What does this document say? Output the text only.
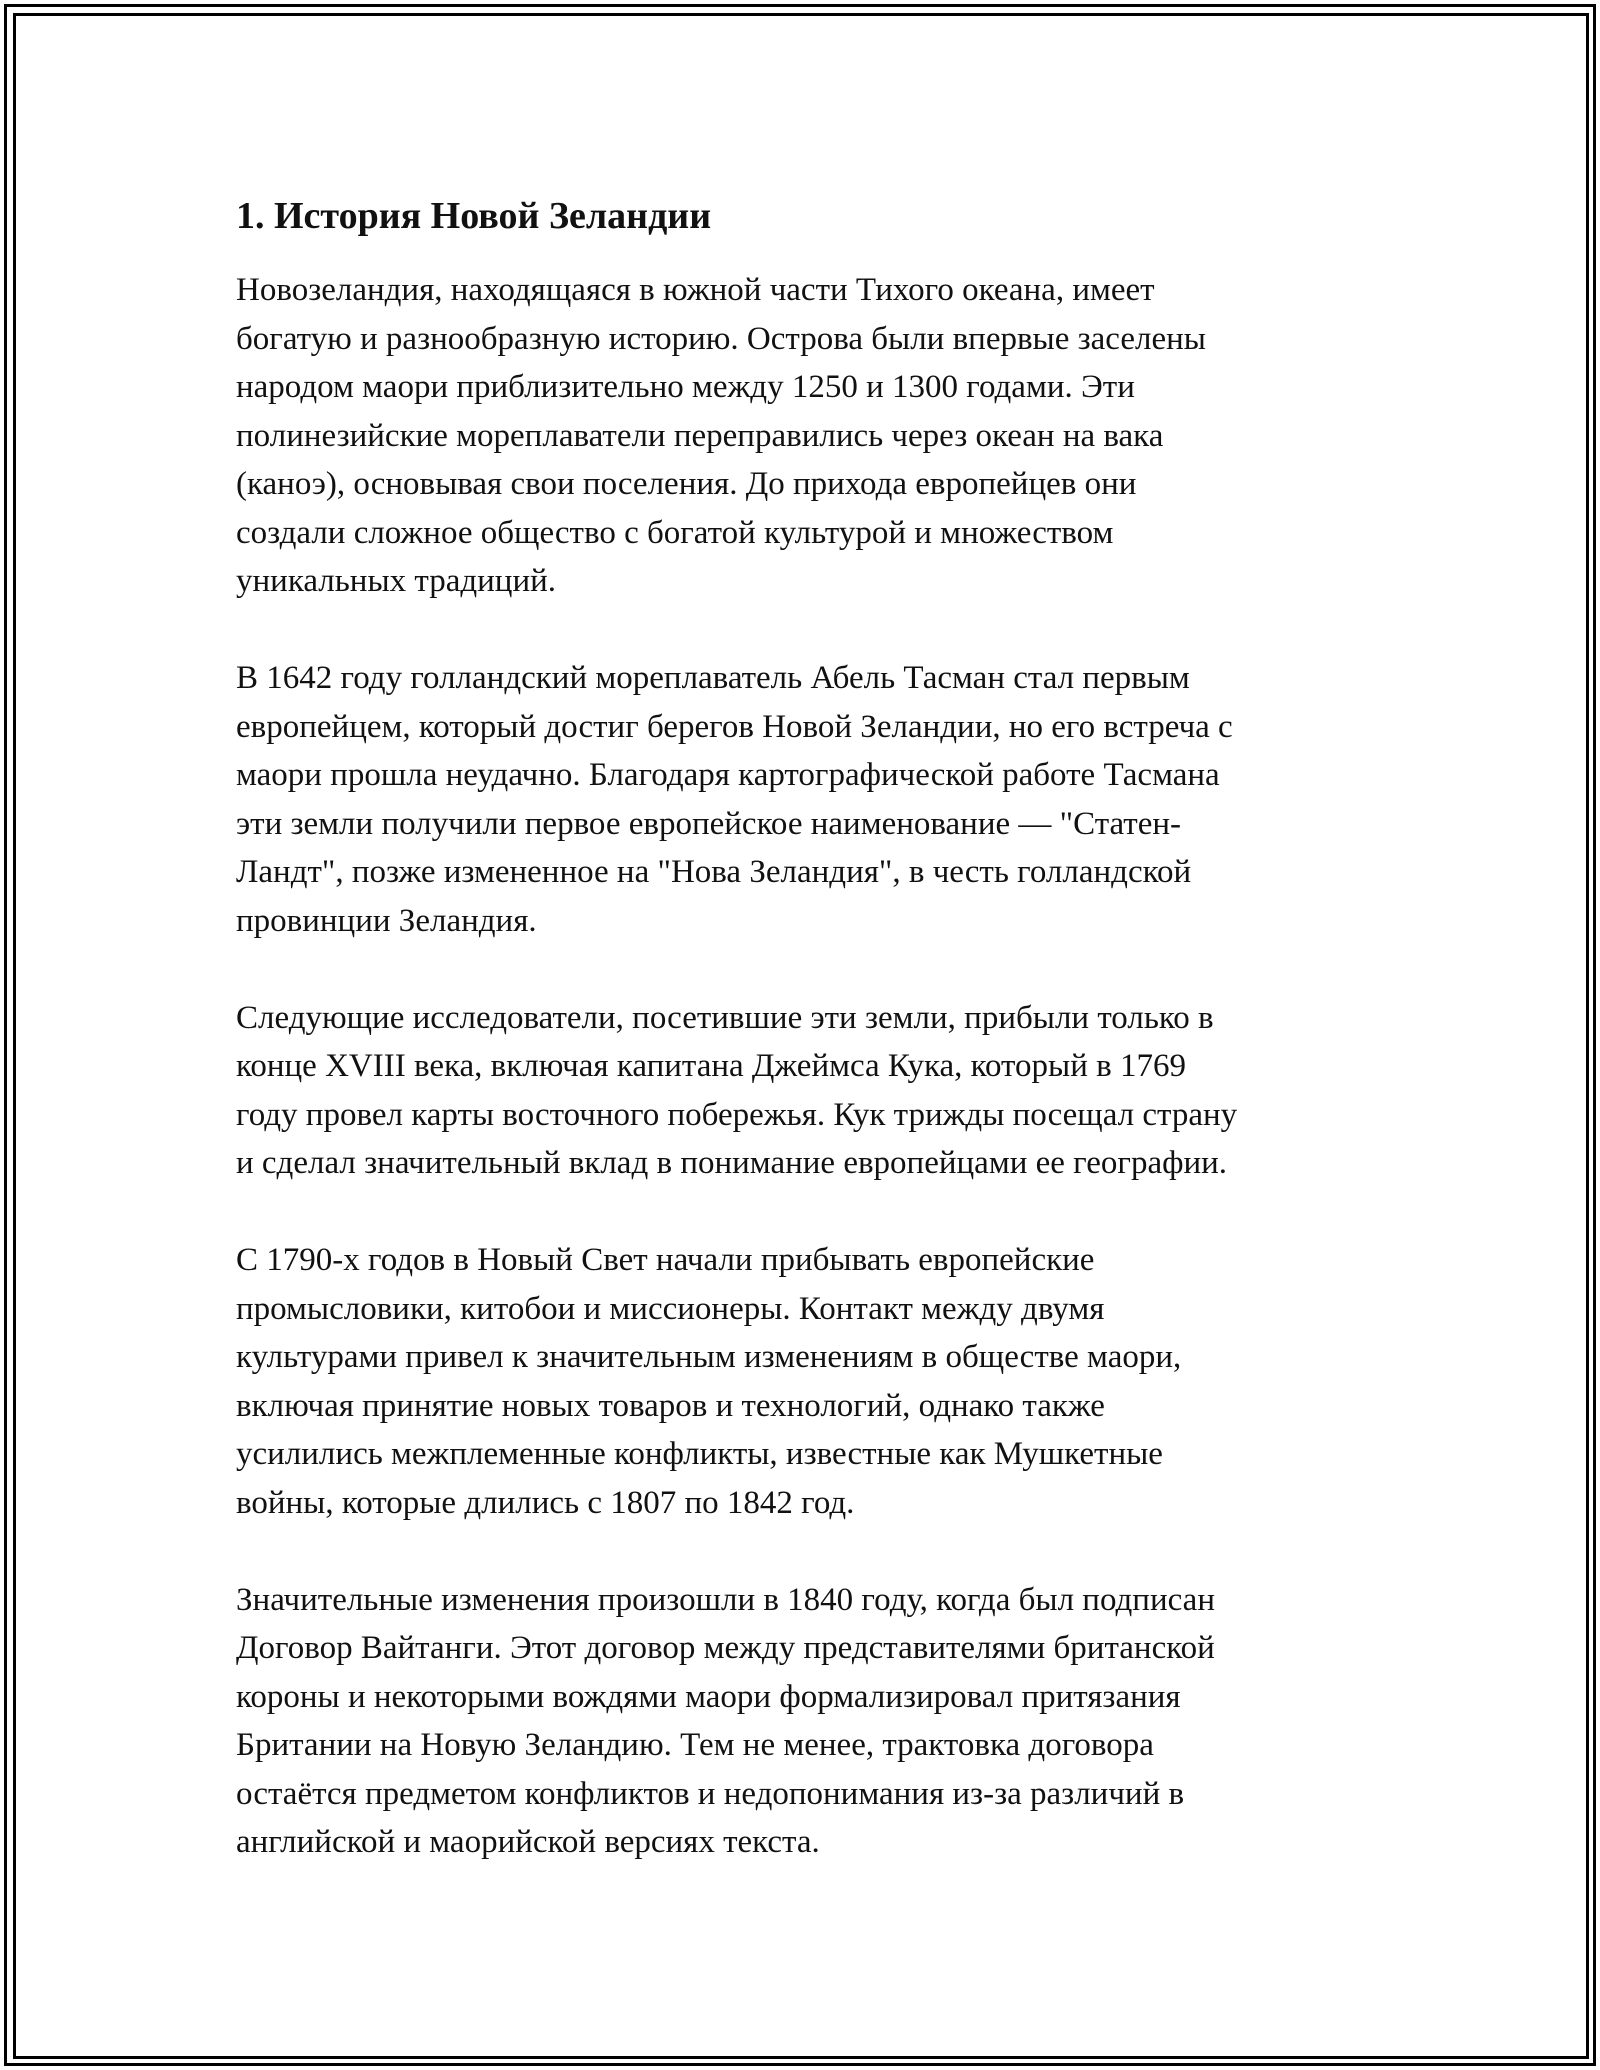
1. История Новой Зеландии
Новозеландия, находящаяся в южной части Тихого океана, имеет
богатую и разнообразную историю. Острова были впервые заселены
народом маори приблизительно между 1250 и 1300 годами. Эти
полинезийские мореплаватели переправились через океан на вака
(каноэ), основывая свои поселения. До прихода европейцев они
создали сложное общество с богатой культурой и множеством
уникальных традиций.
В 1642 году голландский мореплаватель Абель Тасман стал первым
европейцем, который достиг берегов Новой Зеландии, но его встреча с
маори прошла неудачно. Благодаря картографической работе Тасмана
эти земли получили первое европейское наименование — "Статен-
Ландт", позже измененное на "Нова Зеландия", в честь голландской
провинции Зеландия.
Следующие исследователи, посетившие эти земли, прибыли только в
конце XVIII века, включая капитана Джеймса Кука, который в 1769
году провел карты восточного побережья. Кук трижды посещал страну
и сделал значительный вклад в понимание европейцами ее географии.
С 1790-х годов в Новый Свет начали прибывать европейские
промысловики, китобои и миссионеры. Контакт между двумя
культурами привел к значительным изменениям в обществе маори,
включая принятие новых товаров и технологий, однако также
усилились межплеменные конфликты, известные как Мушкетные
войны, которые длились с 1807 по 1842 год.
Значительные изменения произошли в 1840 году, когда был подписан
Договор Вайтанги. Этот договор между представителями британской
короны и некоторыми вождями маори формализировал притязания
Британии на Новую Зеландию. Тем не менее, трактовка договора
остаётся предметом конфликтов и недопонимания из-за различий в
английской и маорийской версиях текста.
